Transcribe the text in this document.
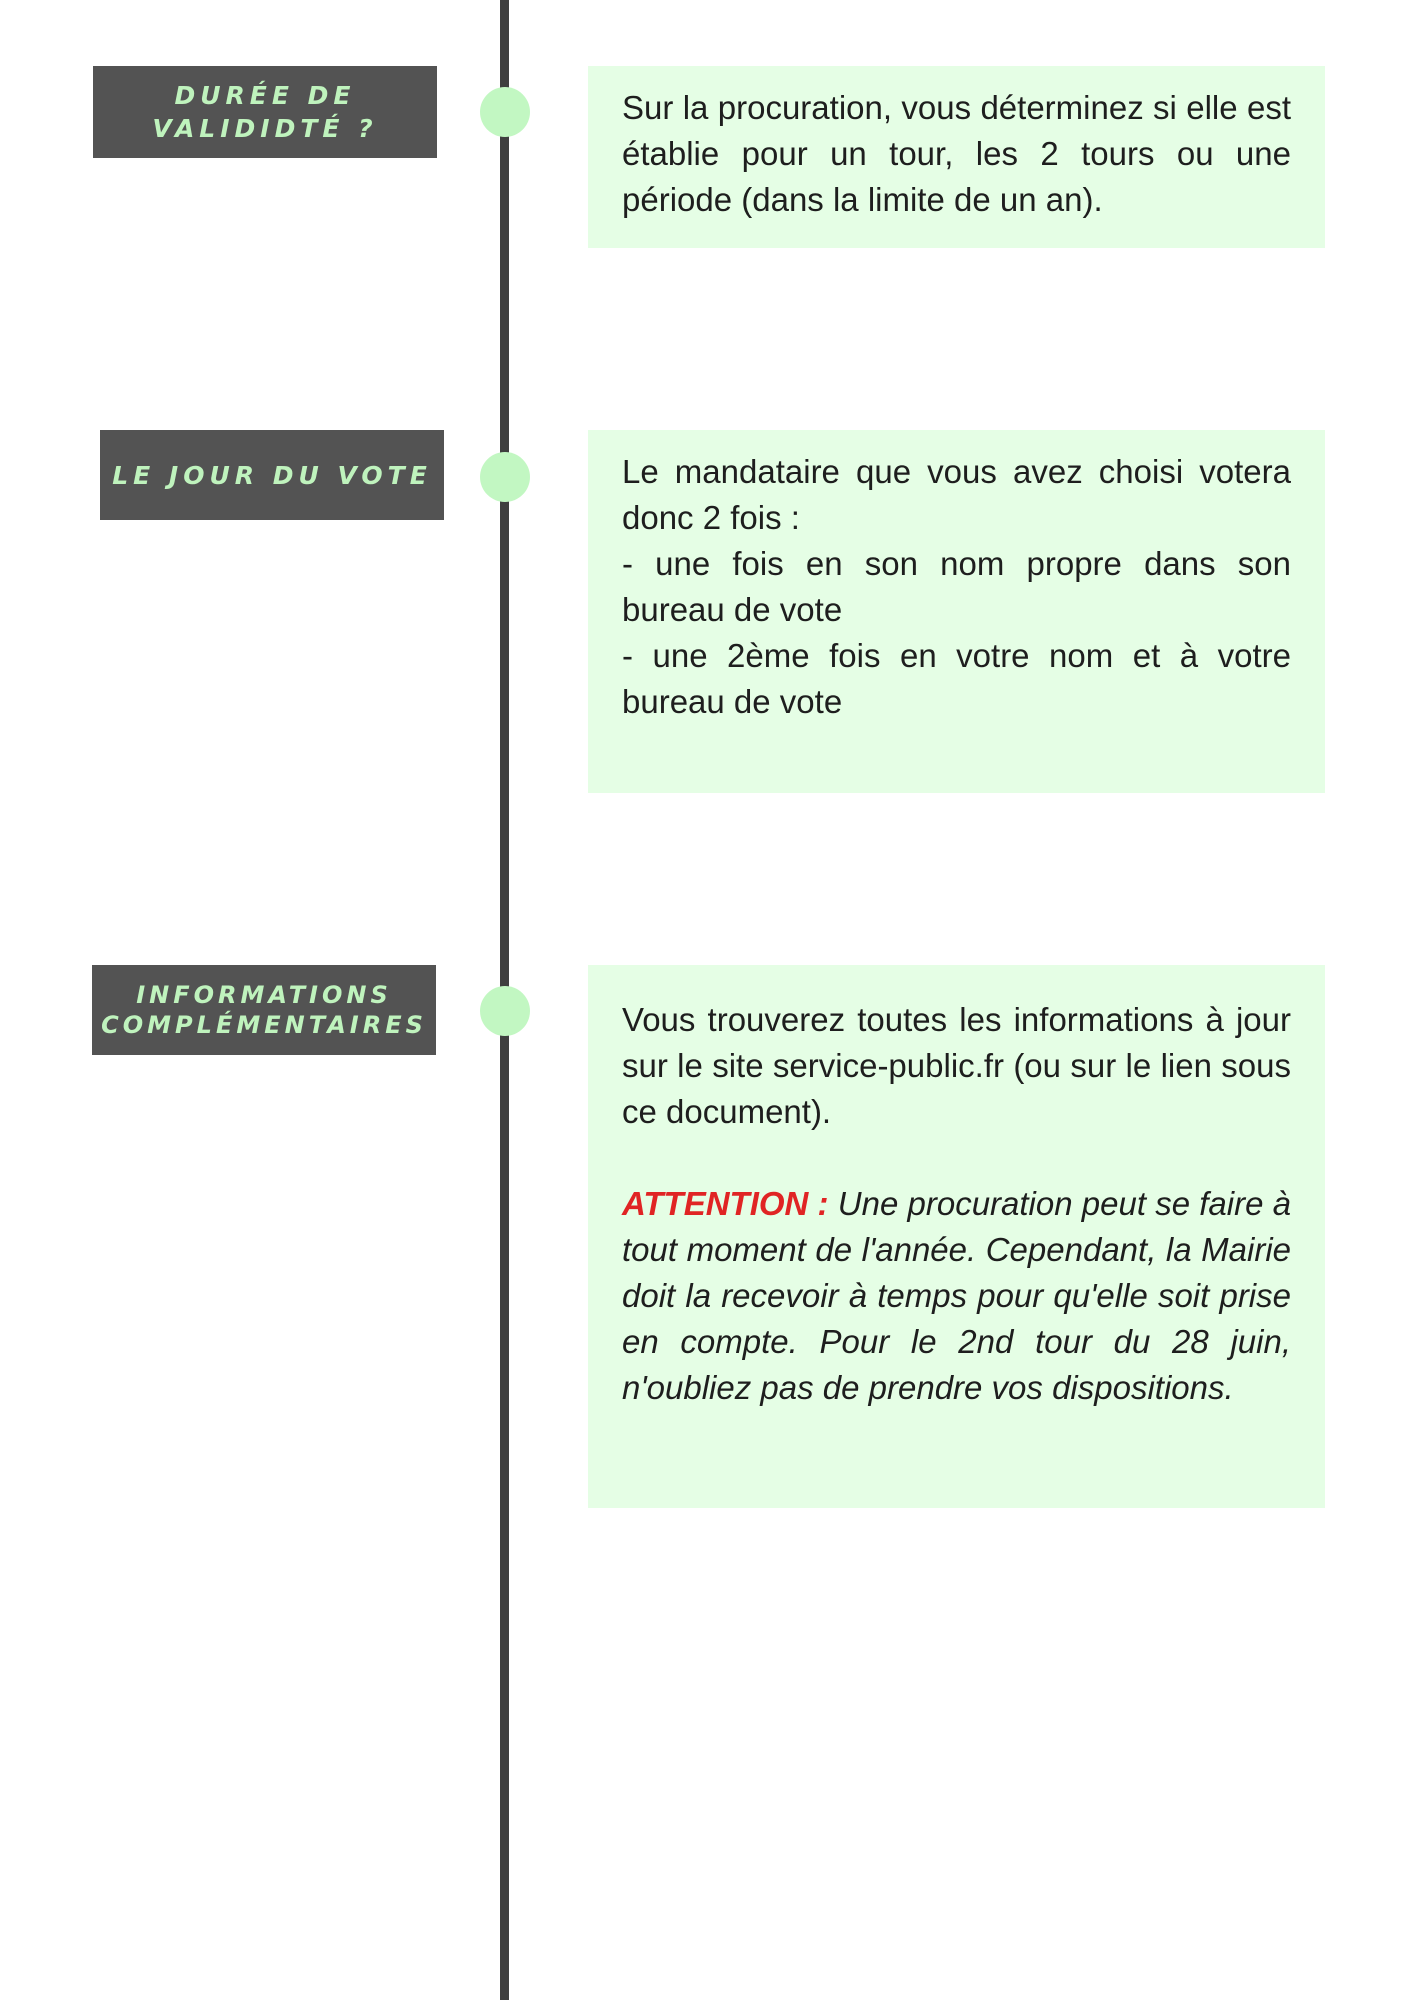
DURÉE DE VALIDIDTÉ ?

Sur la procuration, vous déterminez si elle est établie pour un tour, les 2 tours ou une période (dans la limite de un an).

LE JOUR DU VOTE	Le mandataire que vous avez choisi votera donc 2 fois :

- une fois en son nom propre dans son bureau de vote

- une 2ème fois en votre nom et à votre bureau de vote

INFORMATIONS COMPLÉMENTAIRES	Vous trouverez toutes les informations à jour sur le site service-public.fr (ou sur le lien sous ce document).

ATTENTION : Une procuration peut se faire à tout moment de l'année. Cependant, la Mairie doit la recevoir à temps pour qu'elle soit prise en compte. Pour le 2nd tour du 28 juin, n'oubliez pas de prendre vos dispositions.
